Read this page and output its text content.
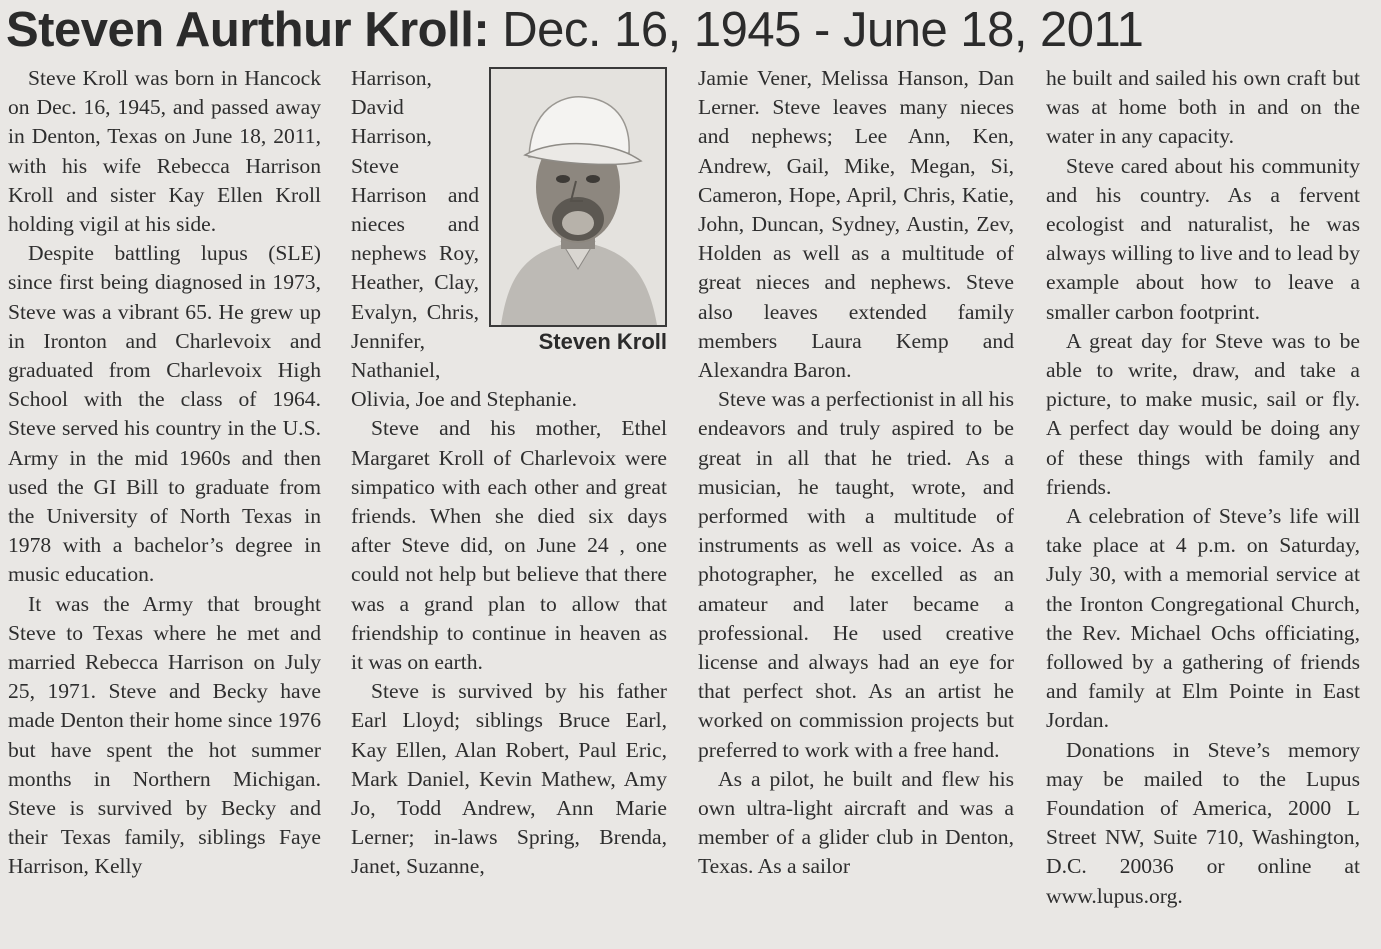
Steven Aurthur Kroll: Dec. 16, 1945 - June 18, 2011

Steve Kroll was born in Hancock on Dec. 16, 1945, and passed away in Denton, Texas on June 18, 2011, with his wife Rebecca Harrison Kroll and sister Kay Ellen Kroll holding vigil at his side.

Despite battling lupus (SLE) since first being diagnosed in 1973, Steve was a vibrant 65. He grew up in Ironton and Charlevoix and graduated from Charlevoix High School with the class of 1964. Steve served his country in the U.S. Army in the mid 1960s and then used the GI Bill to graduate from the University of North Texas in 1978 with a bachelor’s degree in music education.

It was the Army that brought Steve to Texas where he met and married Rebecca Harrison on July 25, 1971. Steve and Becky have made Denton their home since 1976 but have spent the hot summer months in Northern Michigan. Steve is survived by Becky and their Texas family, siblings Faye Harrison, Kelly

Steven Kroll

Harrison, David Harrison, Steve Harrison and nieces and nephews Roy, Heather, Clay, Evalyn, Chris, Jennifer, Nathaniel, Olivia, Joe and Stephanie.

Steve and his mother, Ethel Margaret Kroll of Charlevoix were simpatico with each other and great friends. When she died six days after Steve did, on June 24 , one could not help but believe that there was a grand plan to allow that friendship to continue in heaven as it was on earth.

Steve is survived by his father Earl Lloyd; siblings Bruce Earl, Kay Ellen, Alan Robert, Paul Eric, Mark Daniel, Kevin Mathew, Amy Jo, Todd Andrew, Ann Marie Lerner; in-laws Spring, Brenda, Janet, Suzanne,

Jamie Vener, Melissa Hanson, Dan Lerner. Steve leaves many nieces and nephews; Lee Ann, Ken, Andrew, Gail, Mike, Megan, Si, Cameron, Hope, April, Chris, Katie, John, Duncan, Sydney, Austin, Zev, Holden as well as a multitude of great nieces and nephews. Steve also leaves extended family members Laura Kemp and Alexandra Baron.

Steve was a perfectionist in all his endeavors and truly aspired to be great in all that he tried. As a musician, he taught, wrote, and performed with a multitude of instruments as well as voice. As a photographer, he excelled as an amateur and later became a professional. He used creative license and always had an eye for that perfect shot. As an artist he worked on commission projects but preferred to work with a free hand.

As a pilot, he built and flew his own ultra-light aircraft and was a member of a glider club in Denton, Texas. As a sailor

he built and sailed his own craft but was at home both in and on the water in any capacity.

Steve cared about his community and his country. As a fervent ecologist and naturalist, he was always willing to live and to lead by example about how to leave a smaller carbon footprint.

A great day for Steve was to be able to write, draw, and take a picture, to make music, sail or fly. A perfect day would be doing any of these things with family and friends.

A celebration of Steve’s life will take place at 4 p.m. on Saturday, July 30, with a memorial service at the Ironton Congregational Church, the Rev. Michael Ochs officiating, followed by a gathering of friends and family at Elm Pointe in East Jordan.

Donations in Steve’s memory may be mailed to the Lupus Foundation of America, 2000 L Street NW, Suite 710, Washington, D.C. 20036 or online at www.lupus.org.
